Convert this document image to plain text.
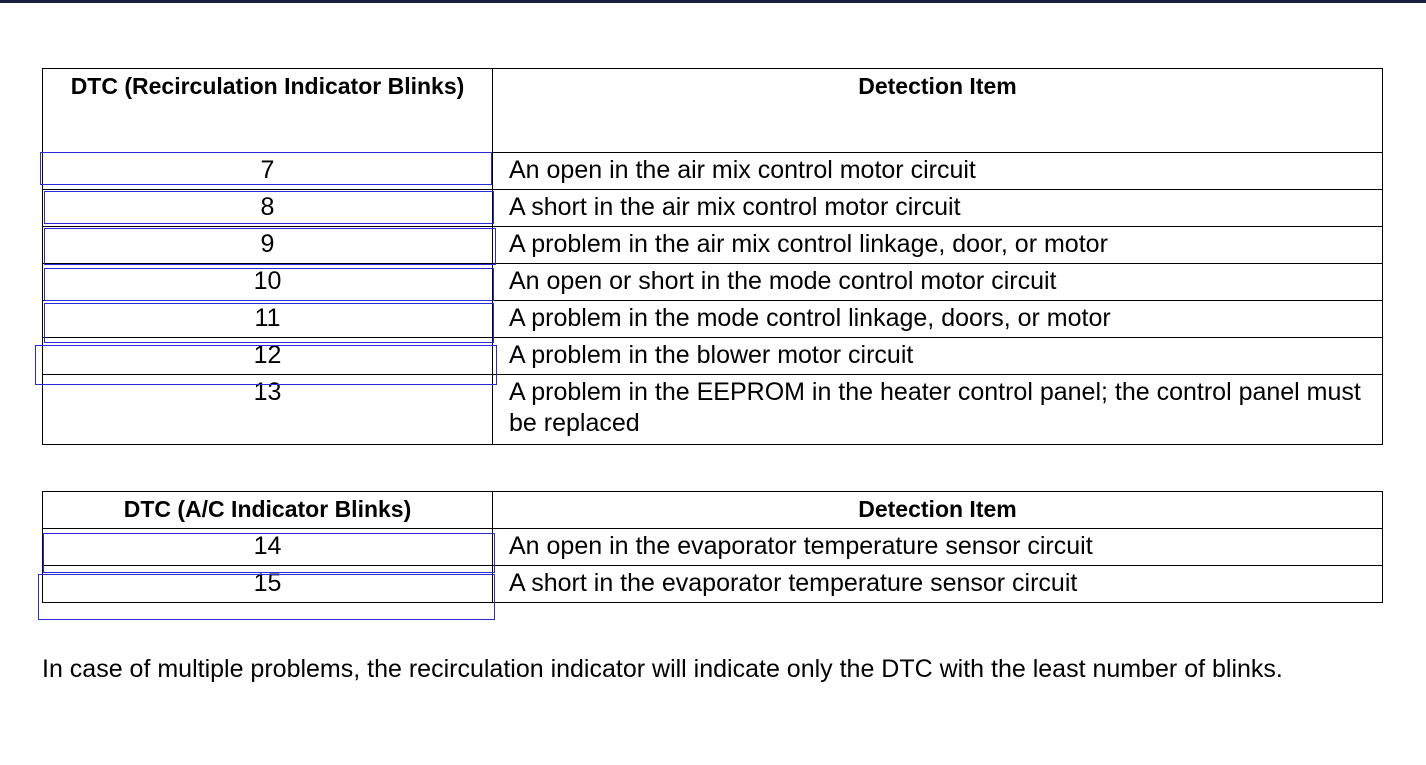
DTC (Recirculation Indicator Blinks)	Detection Item
7	An open in the air mix control motor circuit
8	A short in the air mix control motor circuit
9	A problem in the air mix control linkage, door, or motor
10	An open or short in the mode control motor circuit
11	A problem in the mode control linkage, doors, or motor
12	A problem in the blower motor circuit
13	A problem in the EEPROM in the heater control panel; the control panel must be replaced
DTC (A/C Indicator Blinks)	Detection Item
14	An open in the evaporator temperature sensor circuit
15	A short in the evaporator temperature sensor circuit

In case of multiple problems, the recirculation indicator will indicate only the DTC with the least number of blinks.
